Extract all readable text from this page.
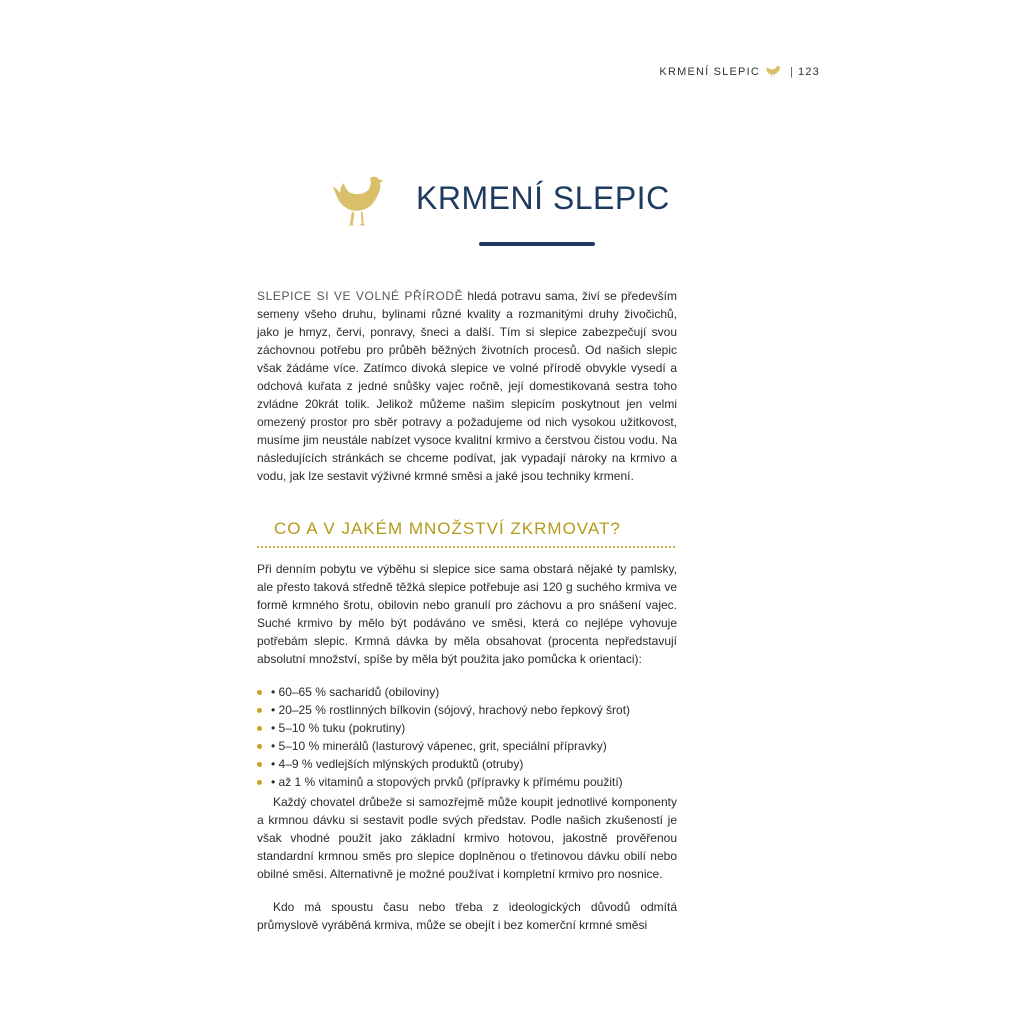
KRMENÍ SLEPIC	| 123
KRMENÍ SLEPIC

SLEPICE SI VE VOLNÉ PŘÍRODĚ hledá potravu sama, živí se především semeny všeho druhu, bylinami různé kvality a rozmanitými druhy živočichů, jako je hmyz, červi, ponravy, šneci a další. Tím si slepice zabezpečují svou záchovnou potřebu pro průběh běžných životních procesů. Od našich slepic však žádáme více. Zatímco divoká slepice ve volné přírodě obvykle vysedí a odchová kuřata z jedné snůšky vajec ročně, její domestikovaná sestra toho zvládne 20krát tolik. Jelikož můžeme našim slepicím poskytnout jen velmi omezený prostor pro sběr potravy a požadujeme od nich vysokou užitkovost, musíme jim neustále nabízet vysoce kvalitní krmivo a čerstvou čistou vodu. Na následujících stránkách se chceme podívat, jak vypadají nároky na krmivo a vodu, jak lze sestavit výživné krmné směsi a jaké jsou techniky krmení.

CO A V JAKÉM MNOŽSTVÍ ZKRMOVAT?

Při denním pobytu ve výběhu si slepice sice sama obstará nějaké ty pamlsky, ale přesto taková středně těžká slepice potřebuje asi 120 g suchého krmiva ve formě krmného šrotu, obilovin nebo granulí pro záchovu a pro snášení vajec. Suché krmivo by mělo být podáváno ve směsi, která co nejlépe vyhovuje potřebám slepic. Krmná dávka by měla obsahovat (procenta nepředstavují absolutní množství, spíše by měla být použita jako pomůcka k orientaci):

• 60–65 % sacharidů (obiloviny)
• 20–25 % rostlinných bílkovin (sójový, hrachový nebo řepkový šrot)
• 5–10 % tuku (pokrutiny)
• 5–10 % minerálů (lasturový vápenec, grit, speciální přípravky)
• 4–9 % vedlejších mlýnských produktů (otruby)
• až 1 % vitaminů a stopových prvků (přípravky k přímému použití)

Každý chovatel drůbeže si samozřejmě může koupit jednotlivé komponenty a krmnou dávku si sestavit podle svých představ. Podle našich zkušeností je však vhodné použít jako základní krmivo hotovou, jakostně prověřenou standardní krmnou směs pro slepice doplněnou o třetinovou dávku obilí nebo obilné směsi. Alternativně je možné používat i kompletní krmivo pro nosnice.

Kdo má spoustu času nebo třeba z ideologických důvodů odmítá průmyslově vyráběná krmiva, může se obejít i bez komerční krmné směsi
